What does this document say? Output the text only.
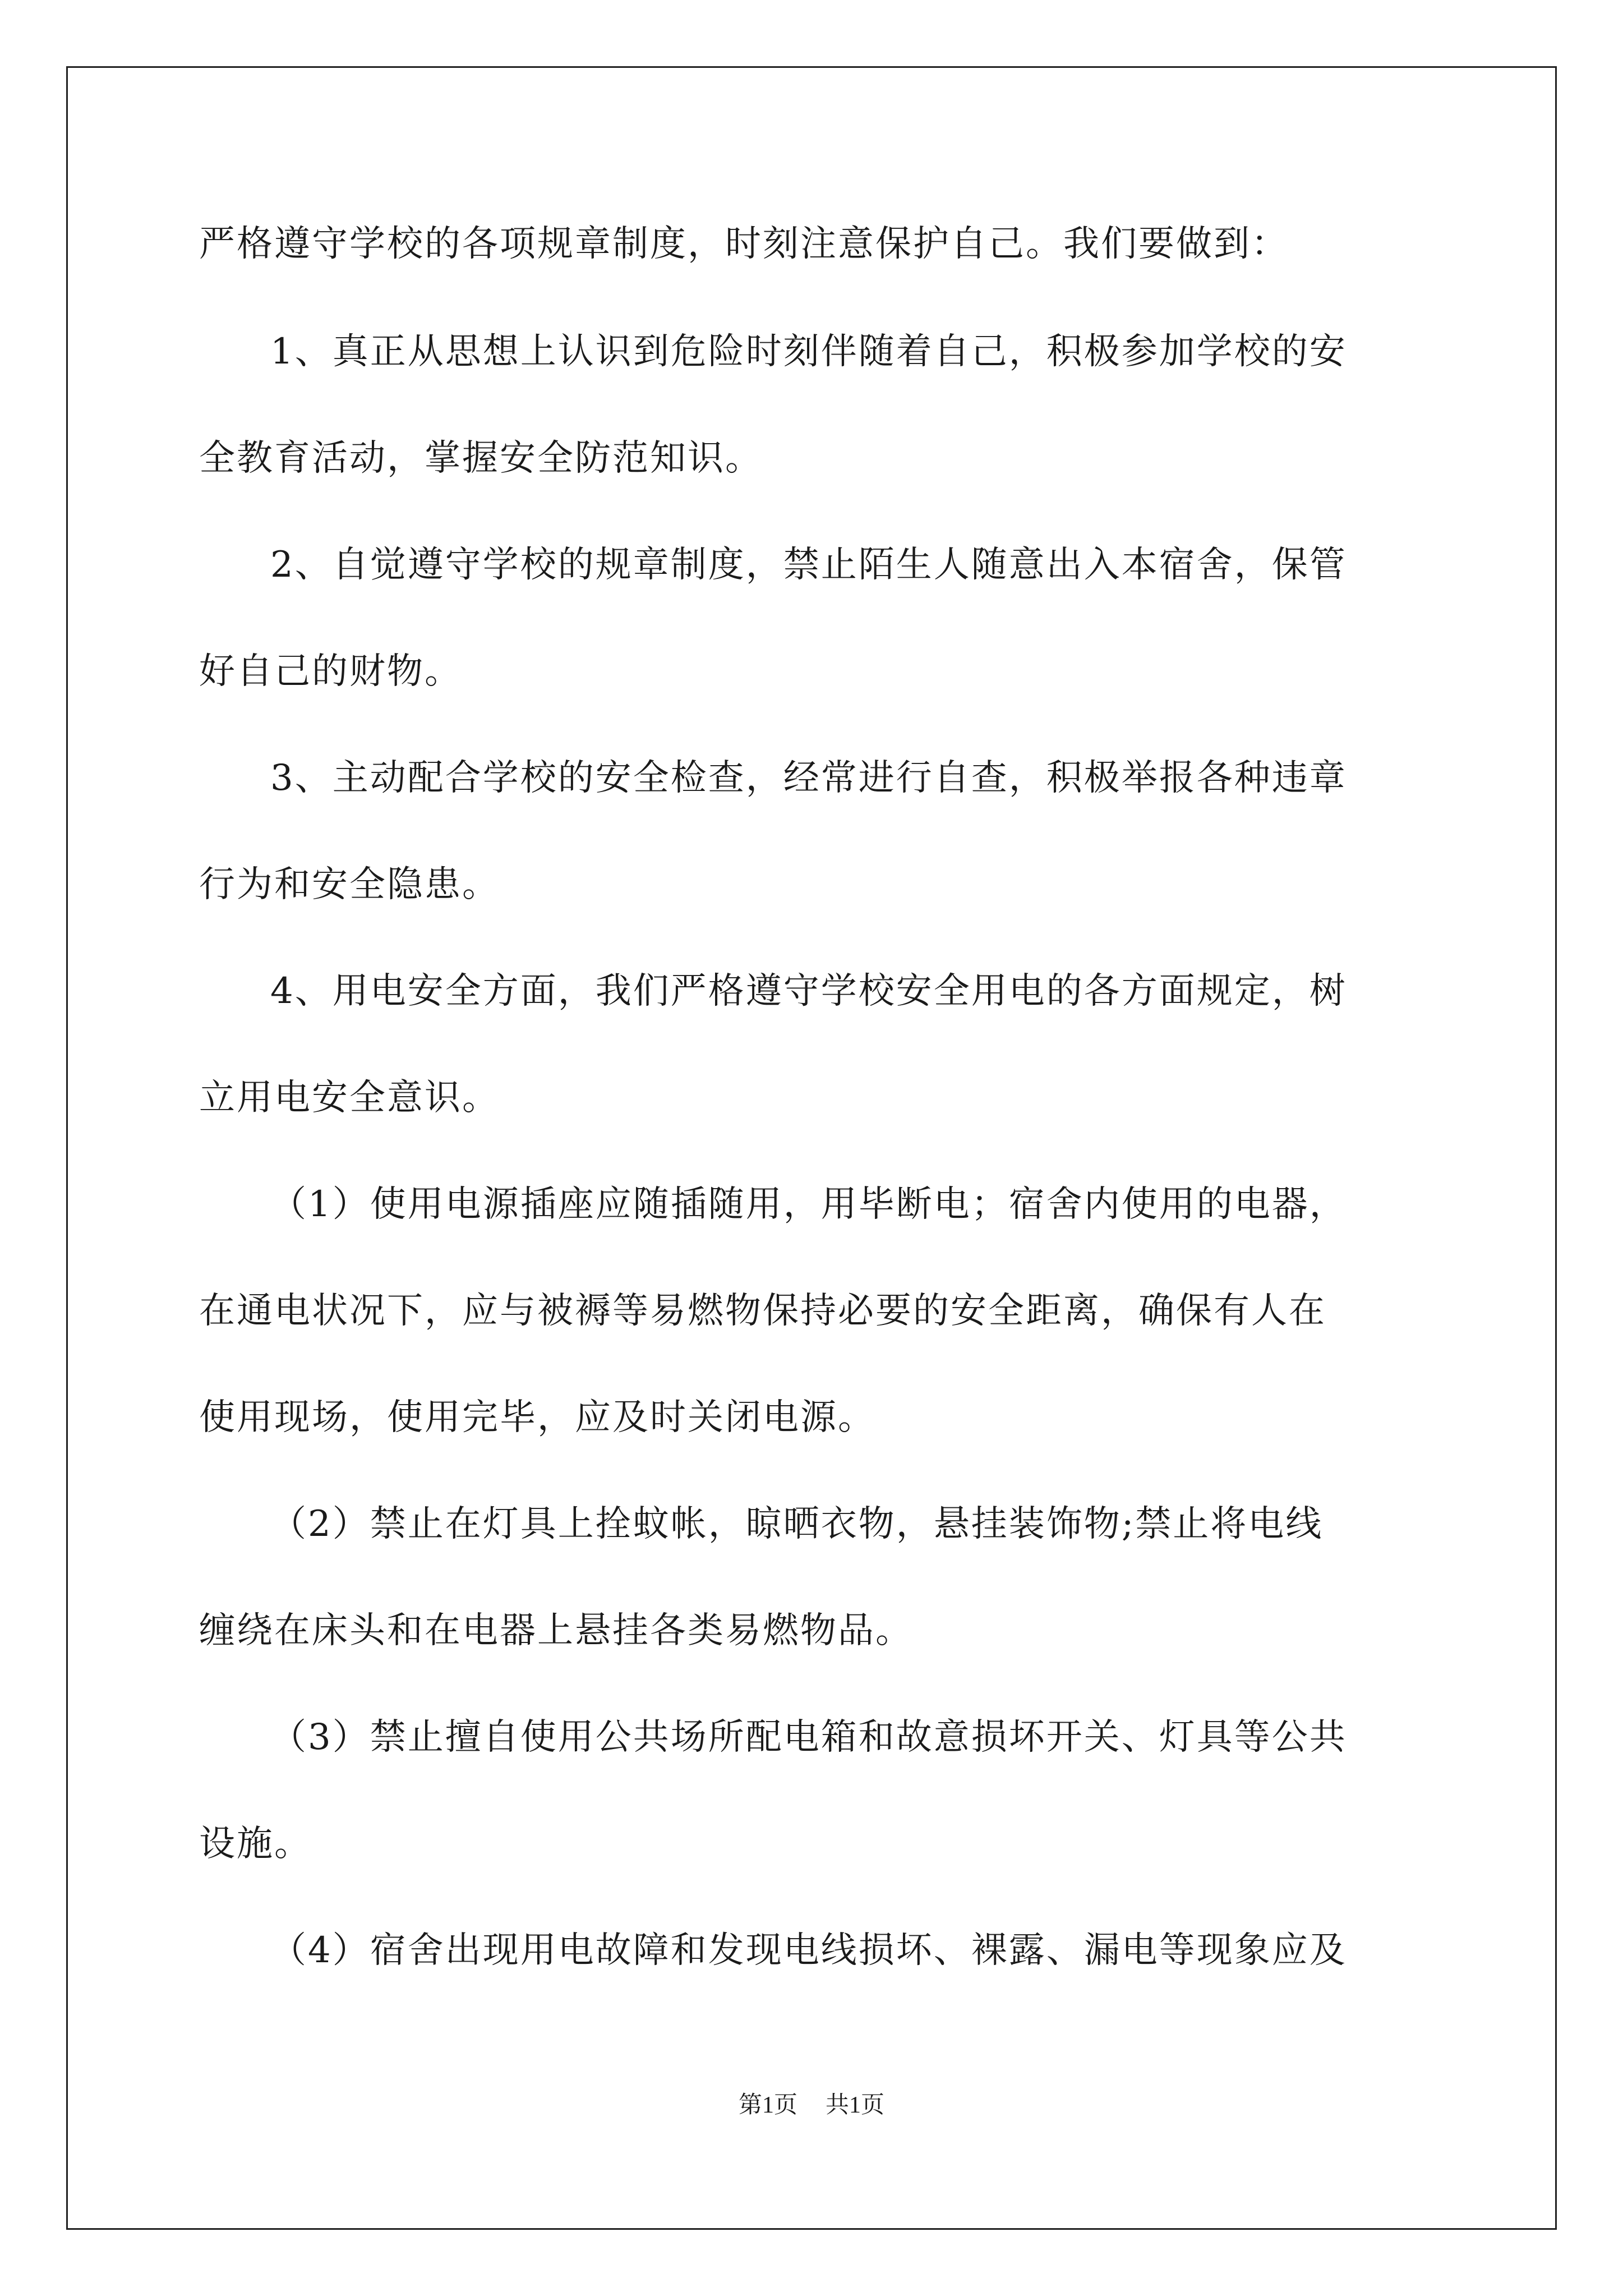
严格遵守学校的各项规章制度，时刻注意保护自己。我们要做到：
1、真正从思想上认识到危险时刻伴随着自己，积极参加学校的安
全教育活动，掌握安全防范知识。
2、自觉遵守学校的规章制度，禁止陌生人随意出入本宿舍，保管
好自己的财物。
3、主动配合学校的安全检查，经常进行自查，积极举报各种违章
行为和安全隐患。
4、用电安全方面，我们严格遵守学校安全用电的各方面规定，树
立用电安全意识。
（1）使用电源插座应随插随用，用毕断电；宿舍内使用的电器，
在通电状况下，应与被褥等易燃物保持必要的安全距离，确保有人在
使用现场，使用完毕，应及时关闭电源。
（2）禁止在灯具上拴蚊帐，晾晒衣物，悬挂装饰物;禁止将电线
缠绕在床头和在电器上悬挂各类易燃物品。
（3）禁止擅自使用公共场所配电箱和故意损坏开关、灯具等公共
设施。
（4）宿舍出现用电故障和发现电线损坏、裸露、漏电等现象应及
第1页 共1页
